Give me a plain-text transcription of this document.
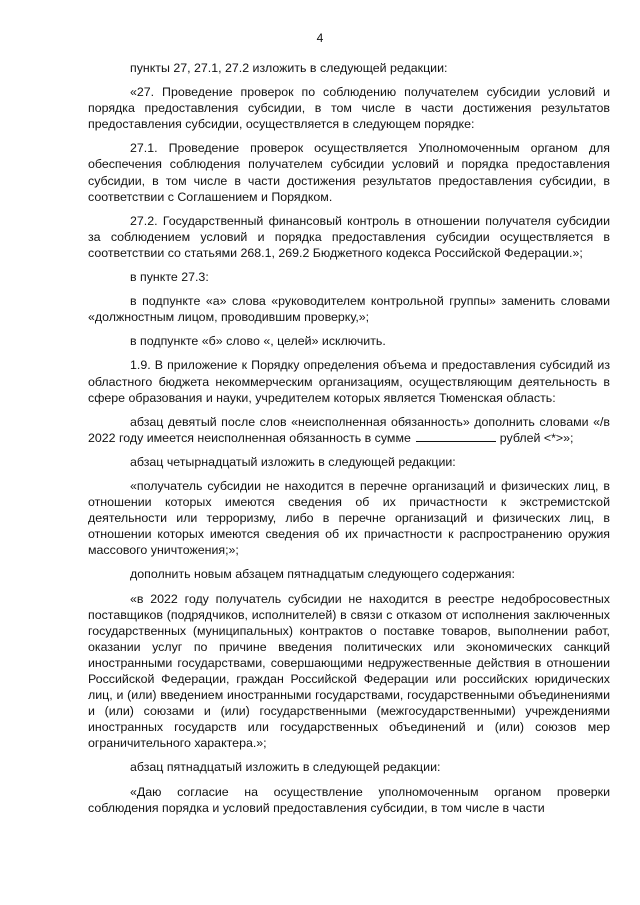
4

пункты 27, 27.1, 27.2 изложить в следующей редакции:

«27. Проведение проверок по соблюдению получателем субсидии условий и порядка предоставления субсидии, в том числе в части достижения результатов предоставления субсидии, осуществляется в следующем порядке:

27.1. Проведение проверок осуществляется Уполномоченным органом для обеспечения соблюдения получателем субсидии условий и порядка предоставления субсидии, в том числе в части достижения результатов предоставления субсидии, в соответствии с Соглашением и Порядком.

27.2. Государственный финансовый контроль в отношении получателя субсидии за соблюдением условий и порядка предоставления субсидии осуществляется в соответствии со статьями 268.1, 269.2 Бюджетного кодекса Российской Федерации.»;

в пункте 27.3:

в подпункте «а» слова «руководителем контрольной группы» заменить словами «должностным лицом, проводившим проверку,»;

в подпункте «б» слово «, целей» исключить.

1.9. В приложение к Порядку определения объема и предоставления субсидий из областного бюджета некоммерческим организациям, осуществляющим деятельность в сфере образования и науки, учредителем которых является Тюменская область:

абзац девятый после слов «неисполненная обязанность» дополнить словами «/в 2022 году имеется неисполненная обязанность в сумме	рублей <*>»;

абзац четырнадцатый изложить в следующей редакции:

«получатель субсидии не находится в перечне организаций и физических лиц, в отношении которых имеются сведения об их причастности к экстремистской деятельности или терроризму, либо в перечне организаций и физических лиц, в отношении которых имеются сведения об их причастности к распространению оружия массового уничтожения;»;

дополнить новым абзацем пятнадцатым следующего содержания:

«в 2022 году получатель субсидии не находится в реестре недобросовестных поставщиков (подрядчиков, исполнителей) в связи с отказом от исполнения заключенных государственных (муниципальных) контрактов о поставке товаров, выполнении работ, оказании услуг по причине введения политических или экономических санкций иностранными государствами, совершающими недружественные действия в отношении Российской Федерации, граждан Российской Федерации или российских юридических лиц, и (или) введением иностранными государствами, государственными объединениями и (или) союзами и (или) государственными (межгосударственными) учреждениями иностранных государств или государственных объединений и (или) союзов мер ограничительного характера.»;

абзац пятнадцатый изложить в следующей редакции:

«Даю согласие на осуществление уполномоченным органом проверки соблюдения порядка и условий предоставления субсидии, в том числе в части
